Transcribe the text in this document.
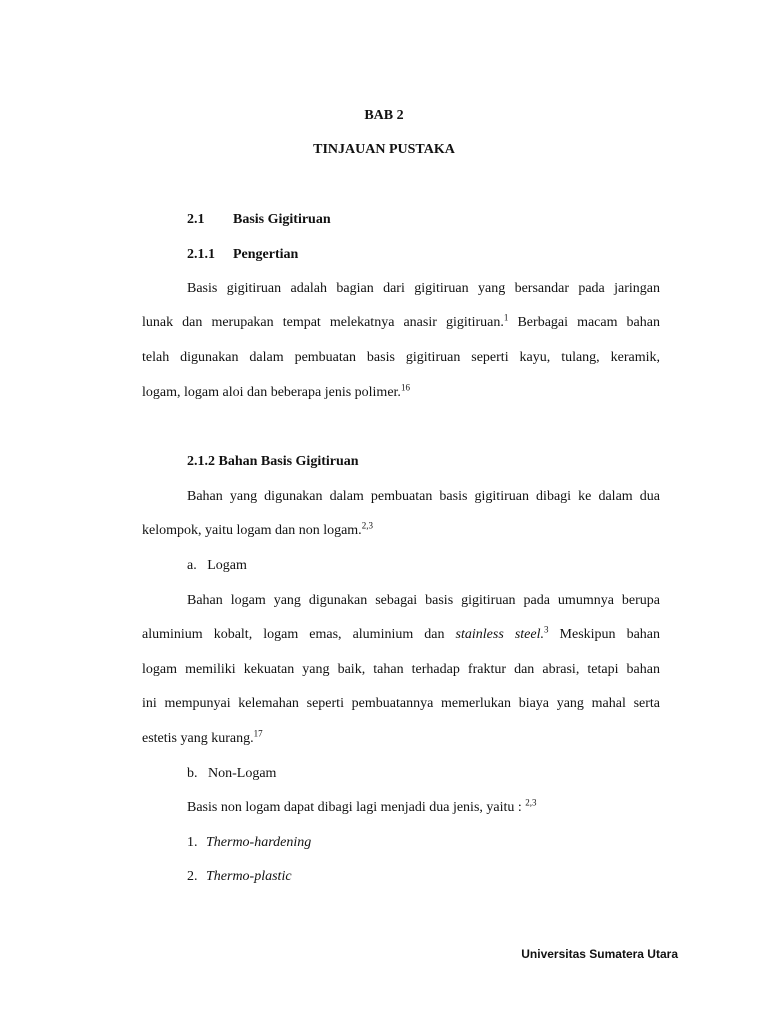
BAB 2
TINJAUAN PUSTAKA
2.1 Basis Gigitiruan
2.1.1 Pengertian
Basis gigitiruan adalah bagian dari gigitiruan yang bersandar pada jaringan
lunak dan merupakan tempat melekatnya anasir gigitiruan.$^1$ Berbagai macam bahan
telah digunakan dalam pembuatan basis gigitiruan seperti kayu, tulang, keramik,
logam, logam aloi dan beberapa jenis polimer.$^{16}$
2.1.2 Bahan Basis Gigitiruan
Bahan yang digunakan dalam pembuatan basis gigitiruan dibagi ke dalam dua
kelompok, yaitu logam dan non logam.$^{2,3}$
a.   Logam
Bahan logam yang digunakan sebagai basis gigitiruan pada umumnya berupa
aluminium kobalt, logam emas, aluminium dan stainless steel.$^3$ Meskipun bahan
logam memiliki kekuatan yang baik, tahan terhadap fraktur dan abrasi, tetapi bahan
ini mempunyai kelemahan seperti pembuatannya memerlukan biaya yang mahal serta
estetis yang kurang.$^{17}$
b.   Non-Logam
Basis non logam dapat dibagi lagi menjadi dua jenis, yaitu : $^{2,3}$
1. Thermo-hardening
2. Thermo-plastic
Universitas Sumatera Utara
